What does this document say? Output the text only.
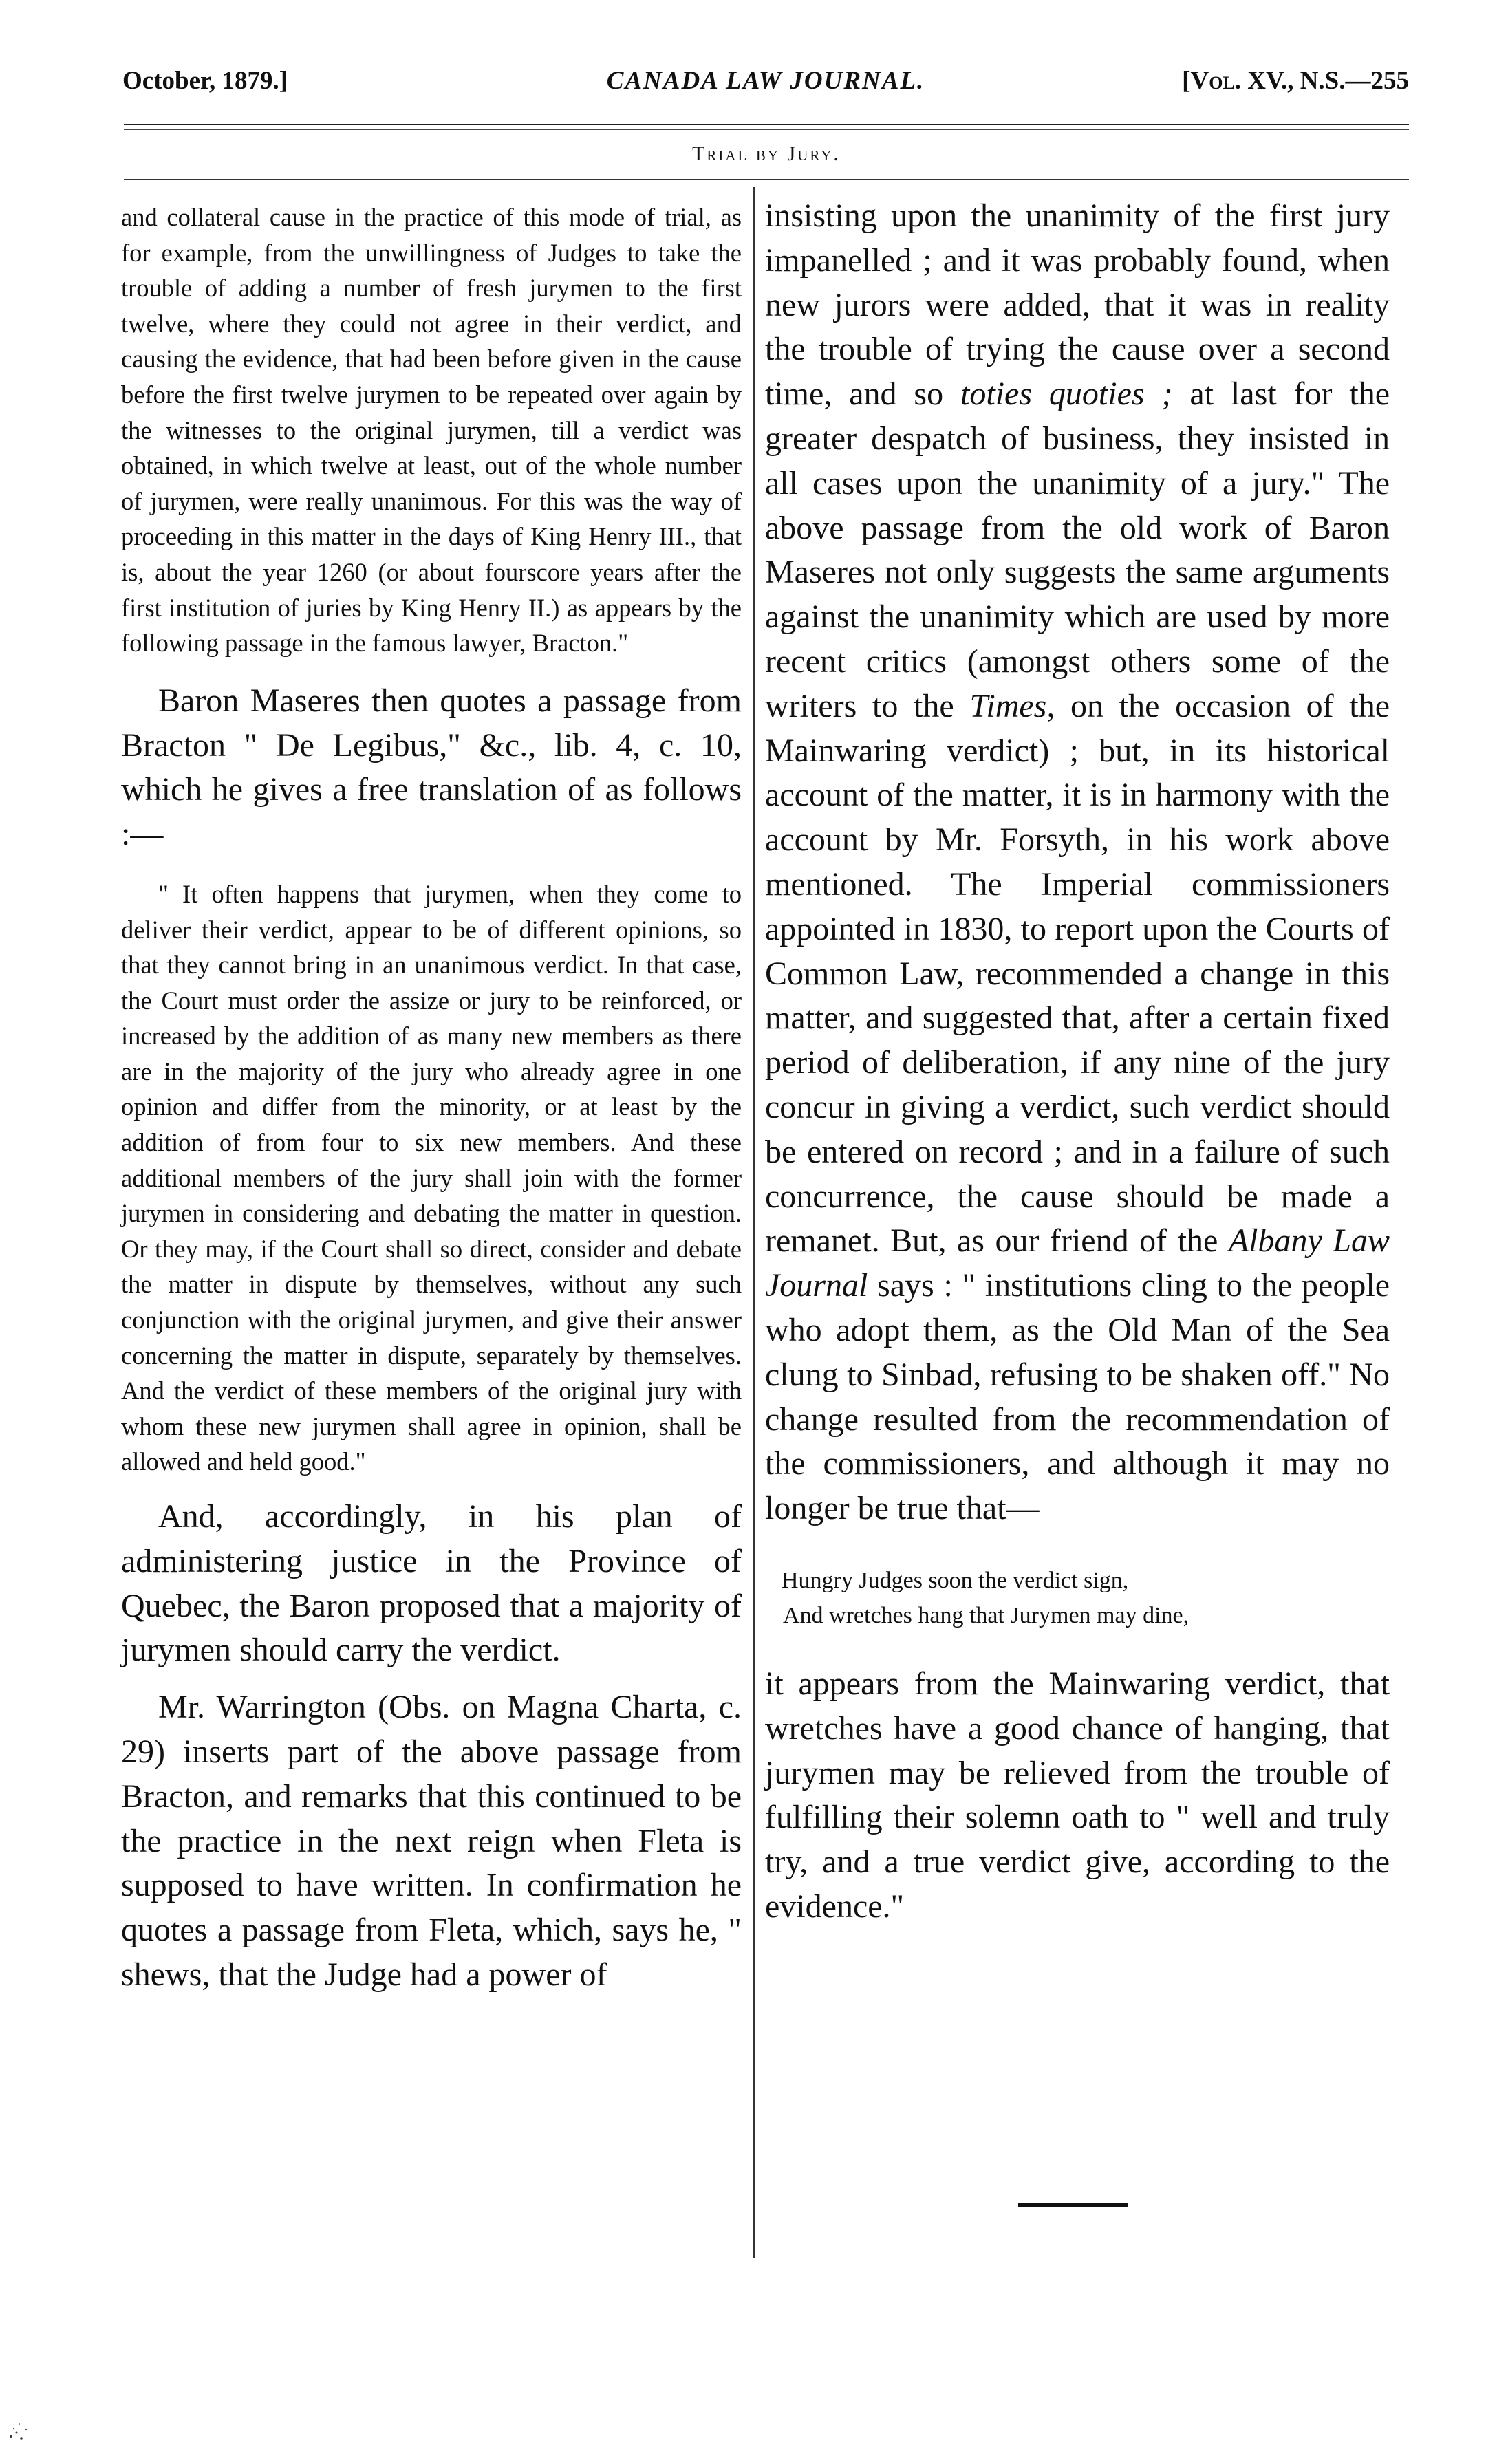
October, 1879.]	CANADA LAW JOURNAL.	[Vol. XV., N.S.—255
Trial by Jury.

and collateral cause in the practice of this mode of trial, as for example, from the unwillingness of Judges to take the trouble of adding a number of fresh jurymen to the first twelve, where they could not agree in their verdict, and causing the evidence, that had been before given in the cause before the first twelve jurymen to be repeated over again by the witnesses to the original jurymen, till a verdict was obtained, in which twelve at least, out of the whole number of jurymen, were really unanimous. For this was the way of proceeding in this matter in the days of King Henry III., that is, about the year 1260 (or about fourscore years after the first institution of juries by King Henry II.) as appears by the following passage in the famous lawyer, Bracton."

Baron Maseres then quotes a passage from Bracton " De Legibus," &c., lib. 4, c. 10, which he gives a free translation of as follows :—

" It often happens that jurymen, when they come to deliver their verdict, appear to be of different opinions, so that they cannot bring in an unanimous verdict. In that case, the Court must order the assize or jury to be reinforced, or increased by the addition of as many new members as there are in the majority of the jury who already agree in one opinion and differ from the minority, or at least by the addition of from four to six new members. And these additional members of the jury shall join with the former jurymen in considering and debating the matter in question. Or they may, if the Court shall so direct, consider and debate the matter in dispute by themselves, without any such conjunction with the original jurymen, and give their answer concerning the matter in dispute, separately by themselves. And the verdict of these members of the original jury with whom these new jurymen shall agree in opinion, shall be allowed and held good."

And, accordingly, in his plan of administering justice in the Province of Quebec, the Baron proposed that a majority of jurymen should carry the verdict.

Mr. Warrington (Obs. on Magna Charta, c. 29) inserts part of the above passage from Bracton, and remarks that this continued to be the practice in the next reign when Fleta is supposed to have written. In confirmation he quotes a passage from Fleta, which, says he, " shews, that the Judge had a power of

insisting upon the unanimity of the first jury impanelled ; and it was probably found, when new jurors were added, that it was in reality the trouble of trying the cause over a second time, and so toties quoties ; at last for the greater despatch of business, they insisted in all cases upon the unanimity of a jury." The above passage from the old work of Baron Maseres not only suggests the same arguments against the unanimity which are used by more recent critics (amongst others some of the writers to the Times, on the occasion of the Mainwaring verdict) ; but, in its historical account of the matter, it is in harmony with the account by Mr. Forsyth, in his work above mentioned. The Imperial commissioners appointed in 1830, to report upon the Courts of Common Law, recommended a change in this matter, and suggested that, after a certain fixed period of deliberation, if any nine of the jury concur in giving a verdict, such verdict should be entered on record ; and in a failure of such concurrence, the cause should be made a remanet. But, as our friend of the Albany Law Journal says : " institutions cling to the people who adopt them, as the Old Man of the Sea clung to Sinbad, refusing to be shaken off." No change resulted from the recommendation of the commissioners, and although it may no longer be true that—

Hungry Judges soon the verdict sign,
And wretches hang that Jurymen may dine,

it appears from the Mainwaring verdict, that wretches have a good chance of hanging, that jurymen may be relieved from the trouble of fulfilling their solemn oath to " well and truly try, and a true verdict give, according to the evidence."
